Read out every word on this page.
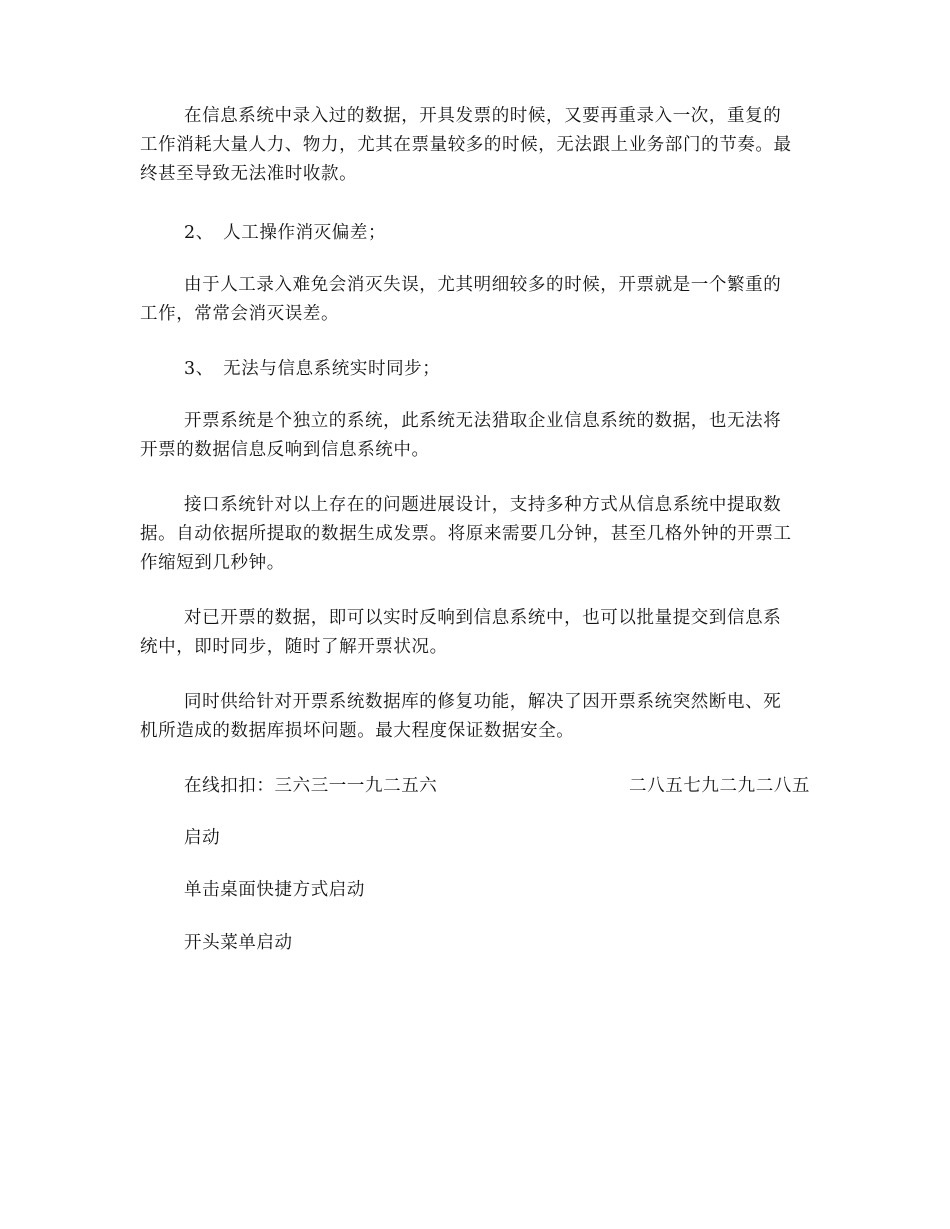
在信息系统中录入过的数据，开具发票的时候，又要再重录入一次，重复的
工作消耗大量人力、物力，尤其在票量较多的时候，无法跟上业务部门的节奏。最
终甚至导致无法准时收款。

2、　人工操作消灭偏差；

由于人工录入难免会消灭失误，尤其明细较多的时候，开票就是一个繁重的
工作，常常会消灭误差。

3、　无法与信息系统实时同步；

开票系统是个独立的系统，此系统无法猎取企业信息系统的数据，也无法将
开票的数据信息反响到信息系统中。

接口系统针对以上存在的问题进展设计，支持多种方式从信息系统中提取数
据。自动依据所提取的数据生成发票。将原来需要几分钟，甚至几格外钟的开票工
作缩短到几秒钟。

对已开票的数据，即可以实时反响到信息系统中，也可以批量提交到信息系
统中，即时同步，随时了解开票状况。

同时供给针对开票系统数据库的修复功能，解决了因开票系统突然断电、死
机所造成的数据库损坏问题。最大程度保证数据安全。

在线扣扣：三六三一一九二五六	二八五七九二九二八五

启动

单击桌面快捷方式启动

开头菜单启动
